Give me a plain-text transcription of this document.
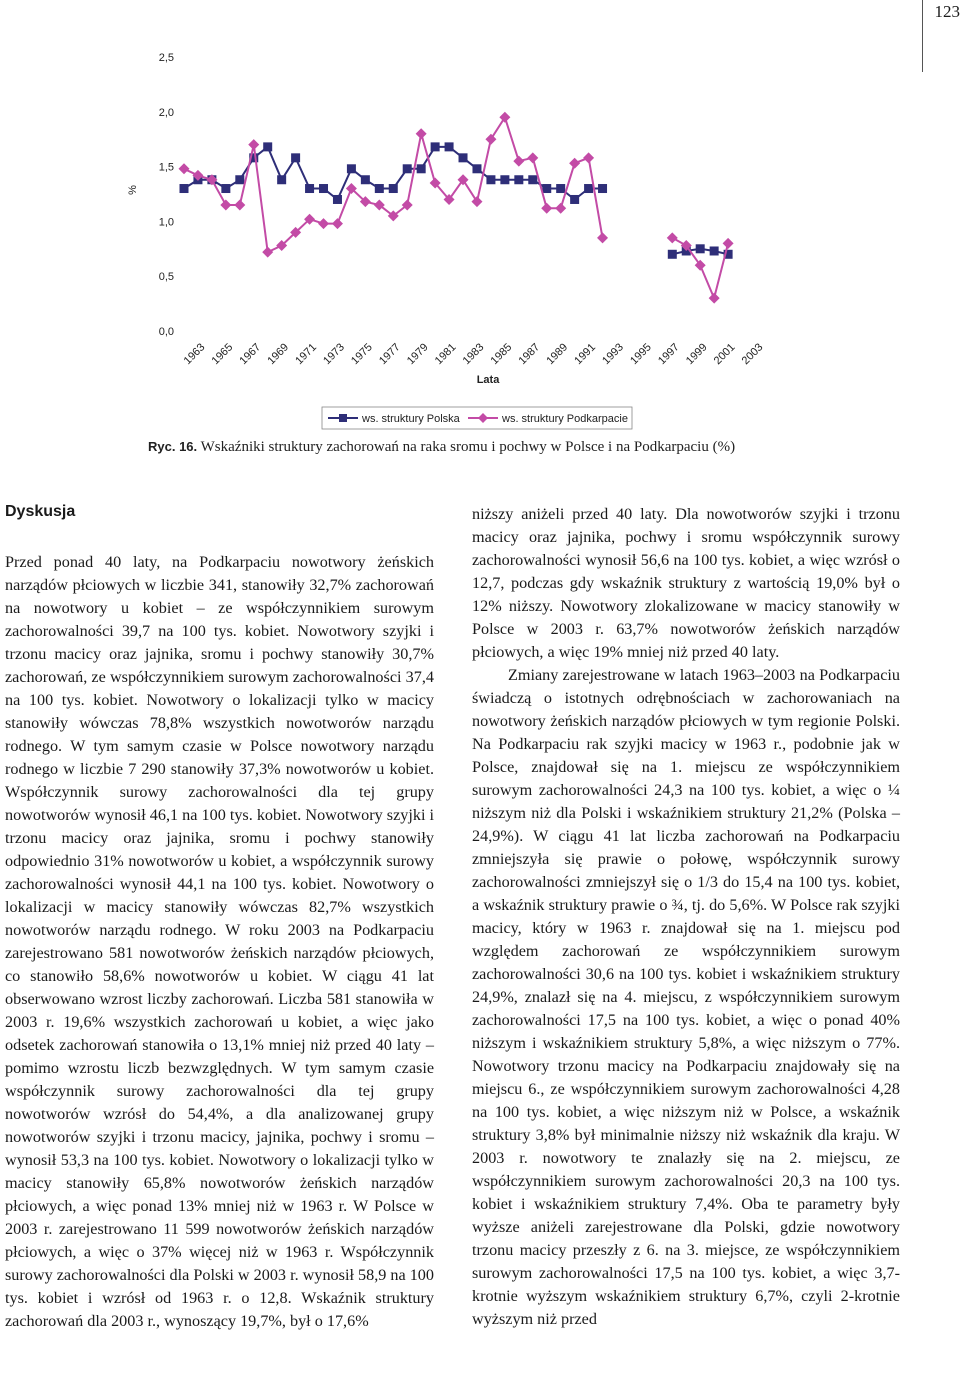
123
0,0
0,5
1,0
1,5
2,0
2,5
1963 1965 1967 1969 1971 1973 1975 1977 1979 1981 1983 1985 1987 1989 1991 1993 1995 1997 1999 2001 2003
%
Lata
ws. struktury Polska	ws. struktury Podkarpacie
Ryc. 16. Wskaźniki struktury zachorowań na raka sromu i pochwy w Polsce i na Podkarpaciu (%)
Dyskusja

Przed ponad 40 laty, na Podkarpaciu nowotwory żeńskich narządów płciowych w liczbie 341, stanowiły 32,7% zachorowań na nowotwory u kobiet – ze współczynnikiem surowym zachorowalności 39,7 na 100 tys. kobiet. Nowotwory szyjki i trzonu macicy oraz jajnika, sromu i pochwy stanowiły 30,7% zachorowań, ze współczynnikiem surowym zachorowalności 37,4 na 100 tys. kobiet. Nowotwory o lokalizacji tylko w macicy stanowiły wówczas 78,8% wszystkich nowotworów narządu rodnego. W tym samym czasie w Polsce nowotwory narządu rodnego w liczbie 7 290 stanowiły 37,3% nowotworów u kobiet. Współczynnik surowy zachorowalności dla tej grupy nowotworów wynosił 46,1 na 100 tys. kobiet. Nowotwory szyjki i trzonu macicy oraz jajnika, sromu i pochwy stanowiły odpowiednio 31% nowotworów u kobiet, a współczynnik surowy zachorowalności wynosił 44,1 na 100 tys. kobiet. Nowotwory o lokalizacji w macicy stanowiły wówczas 82,7% wszystkich nowotworów narządu rodnego. W roku 2003 na Podkarpaciu zarejestrowano 581 nowotworów żeńskich narządów płciowych, co stanowiło 58,6% nowotworów u kobiet. W ciągu 41 lat obserwowano wzrost liczby zachorowań. Liczba 581 stanowiła w 2003 r. 19,6% wszystkich zachorowań u kobiet, a więc jako odsetek zachorowań stanowiła o 13,1% mniej niż przed 40 laty – pomimo wzrostu liczb bezwzględnych. W tym samym czasie współczynnik surowy zachorowalności dla tej grupy nowotworów wzrósł do 54,4%, a dla analizowanej grupy nowotworów szyjki i trzonu macicy, jajnika, pochwy i sromu – wynosił 53,3 na 100 tys. kobiet. Nowotwory o lokalizacji tylko w macicy stanowiły 65,8% nowotworów żeńskich narządów płciowych, a więc ponad 13% mniej niż w 1963 r. W Polsce w 2003 r. zarejestrowano 11 599 nowotworów żeńskich narządów płciowych, a więc o 37% więcej niż w 1963 r. Współczynnik surowy zachorowalności dla Polski w 2003 r. wynosił 58,9 na 100 tys. kobiet i wzrósł od 1963 r. o 12,8. Wskaźnik struktury zachorowań dla 2003 r., wynoszący 19,7%, był o 17,6%

niższy aniżeli przed 40 laty. Dla nowotworów szyjki i trzonu macicy oraz jajnika, pochwy i sromu współczynnik surowy zachorowalności wynosił 56,6 na 100 tys. kobiet, a więc wzrósł o 12,7, podczas gdy wskaźnik struktury z wartością 19,0% był o 12% niższy. Nowotwory zlokalizowane w macicy stanowiły w Polsce w 2003 r. 63,7% nowotworów żeńskich narządów płciowych, a więc 19% mniej niż przed 40 laty.

Zmiany zarejestrowane w latach 1963–2003 na Podkarpaciu świadczą o istotnych odrębnościach w zachorowaniach na nowotwory żeńskich narządów płciowych w tym regionie Polski. Na Podkarpaciu rak szyjki macicy w 1963 r., podobnie jak w Polsce, znajdował się na 1. miejscu ze współczynnikiem surowym zachorowalności 24,3 na 100 tys. kobiet, a więc o ¼ niższym niż dla Polski i wskaźnikiem struktury 21,2% (Polska – 24,9%). W ciągu 41 lat liczba zachorowań na Podkarpaciu zmniejszyła się prawie o połowę, współczynnik surowy zachorowalności zmniejszył się o 1/3 do 15,4 na 100 tys. kobiet, a wskaźnik struktury prawie o ¾, tj. do 5,6%. W Polsce rak szyjki macicy, który w 1963 r. znajdował się na 1. miejscu pod względem zachorowań ze współczynnikiem surowym zachorowalności 30,6 na 100 tys. kobiet i wskaźnikiem struktury 24,9%, znalazł się na 4. miejscu, z współczynnikiem surowym zachorowalności 17,5 na 100 tys. kobiet, a więc o ponad 40% niższym i wskaźnikiem struktury 5,8%, a więc niższym o 77%. Nowotwory trzonu macicy na Podkarpaciu znajdowały się na miejscu 6., ze współczynnikiem surowym zachorowalności 4,28 na 100 tys. kobiet, a więc niższym niż w Polsce, a wskaźnik struktury 3,8% był minimalnie niższy niż wskaźnik dla kraju. W 2003 r. nowotwory te znalazły się na 2. miejscu, ze współczynnikiem surowym zachorowalności 20,3 na 100 tys. kobiet i wskaźnikiem struktury 7,4%. Oba te parametry były wyższe aniżeli zarejestrowane dla Polski, gdzie nowotwory trzonu macicy przeszły z 6. na 3. miejsce, ze współczynnikiem surowym zachorowalności 17,5 na 100 tys. kobiet, a więc 3,7-krotnie wyższym wskaźnikiem struktury 6,7%, czyli 2-krotnie wyższym niż przed
